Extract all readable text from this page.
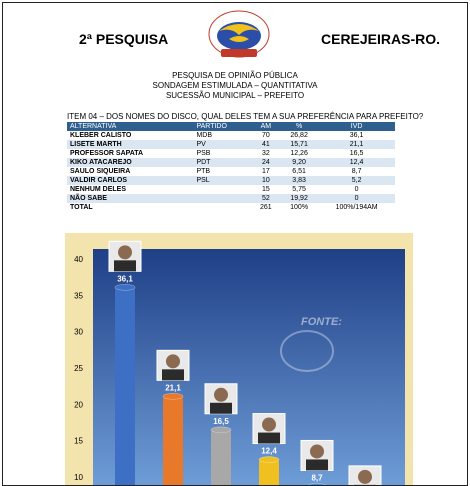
2ª PESQUISA	CEREJEIRAS-RO.
PESQUISA DE OPINIÃO PÚBLICA
SONDAGEM ESTIMULADA – QUANTITATIVA
SUCESSÃO MUNICIPAL – PREFEITO
ITEM 04 – DOS NOMES DO DISCO, QUAL DELES TEM A SUA PREFERÊNCIA PARA PREFEITO?
ALTERNATIVA	PARTIDO	AM	%	IVD
KLEBER CALISTO	MDB	70	26,82	36,1
LISETE MARTH	PV	41	15,71	21,1
PROFESSOR SAPATA	PSB	32	12,26	16,5
KIKO ATACAREJO	PDT	24	9,20	12,4
SAULO SIQUEIRA	PTB	17	6,51	8,7
VALDIR CARLOS	PSL	10	3,83	5,2
NENHUM DELES		15	5,75	0
NÃO SABE		52	19,92	0
TOTAL		261	100%	100%/194AM
10
15
20
25
30
35
40
FONTE:
36,1
21,1
16,5
12,4
8,7
